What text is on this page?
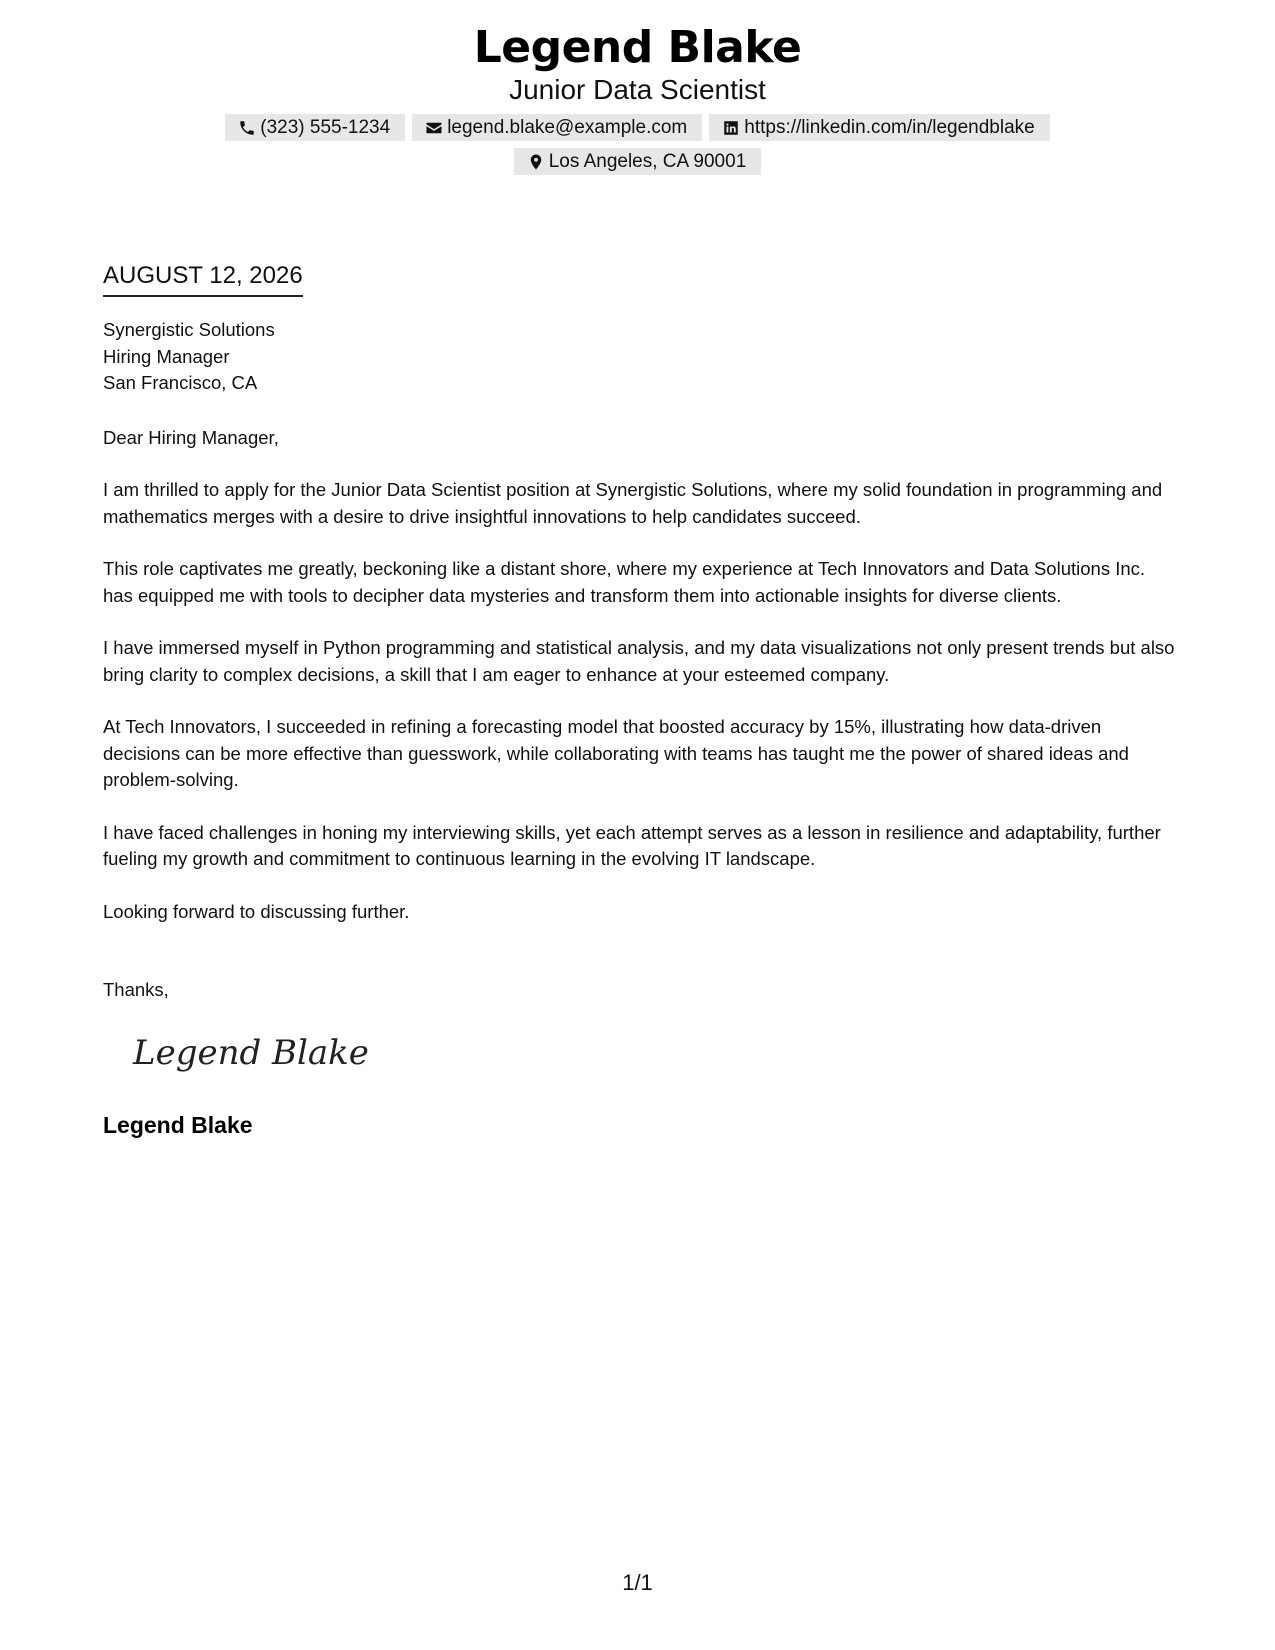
Legend Blake
Junior Data Scientist
(323) 555-1234	legend.blake@example.com	https://linkedin.com/in/legendblake
Los Angeles, CA 90001
AUGUST 12, 2026
Synergistic Solutions
Hiring Manager
San Francisco, CA
Dear Hiring Manager,

I am thrilled to apply for the Junior Data Scientist position at Synergistic Solutions, where my solid foundation in programming and mathematics merges with a desire to drive insightful innovations to help candidates succeed.

This role captivates me greatly, beckoning like a distant shore, where my experience at Tech Innovators and Data Solutions Inc. has equipped me with tools to decipher data mysteries and transform them into actionable insights for diverse clients.

I have immersed myself in Python programming and statistical analysis, and my data visualizations not only present trends but also bring clarity to complex decisions, a skill that I am eager to enhance at your esteemed company.

At Tech Innovators, I succeeded in refining a forecasting model that boosted accuracy by 15%, illustrating how data-driven decisions can be more effective than guesswork, while collaborating with teams has taught me the power of shared ideas and problem-solving.

I have faced challenges in honing my interviewing skills, yet each attempt serves as a lesson in resilience and adaptability, further fueling my growth and commitment to continuous learning in the evolving IT landscape.

Looking forward to discussing further.
Thanks,
Legend Blake
Legend Blake
1/1
